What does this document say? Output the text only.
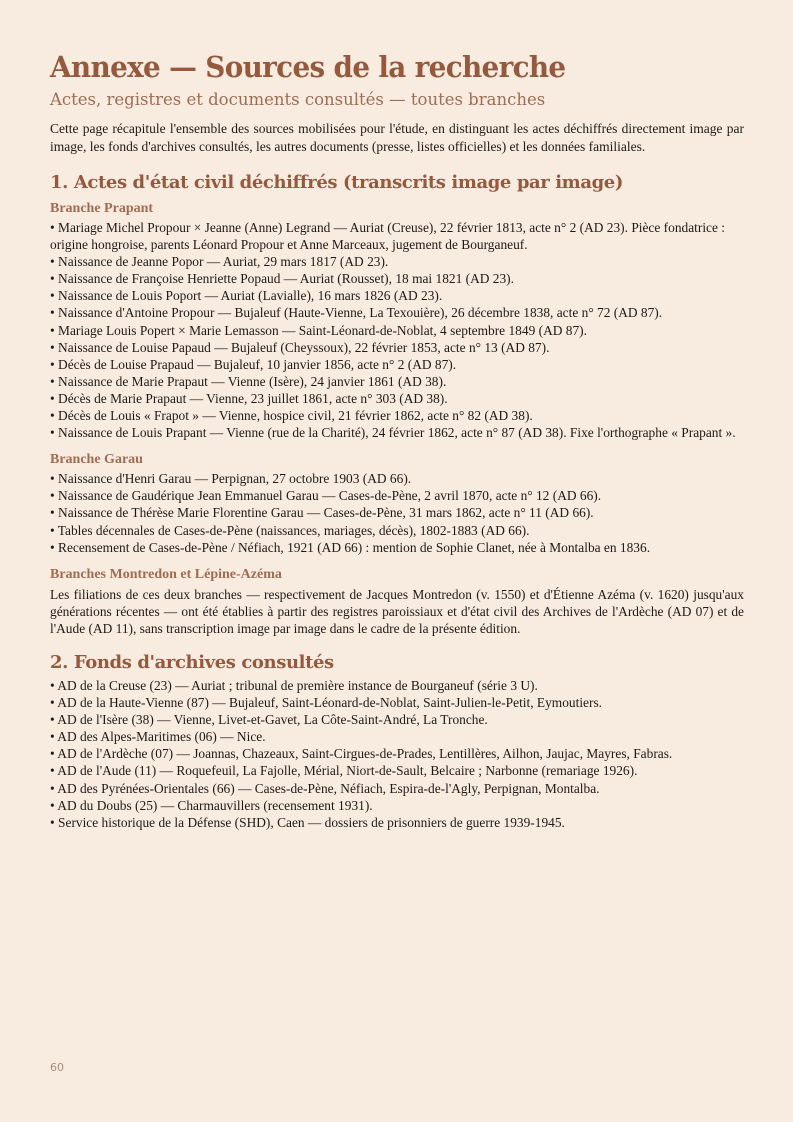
Annexe — Sources de la recherche

Actes, registres et documents consultés — toutes branches

Cette page récapitule l'ensemble des sources mobilisées pour l'étude, en distinguant les actes déchiffrés directement image par image, les fonds d'archives consultés, les autres documents (presse, listes officielles) et les données familiales.

1. Actes d'état civil déchiffrés (transcrits image par image)
Branche Prapant
• Mariage Michel Propour × Jeanne (Anne) Legrand — Auriat (Creuse), 22 février 1813, acte n° 2 (AD 23). Pièce fondatrice : origine hongroise, parents Léonard Propour et Anne Marceaux, jugement de Bourganeuf.
• Naissance de Jeanne Popor — Auriat, 29 mars 1817 (AD 23).
• Naissance de Françoise Henriette Popaud — Auriat (Rousset), 18 mai 1821 (AD 23).
• Naissance de Louis Poport — Auriat (Lavialle), 16 mars 1826 (AD 23).
• Naissance d'Antoine Propour — Bujaleuf (Haute-Vienne, La Texouière), 26 décembre 1838, acte n° 72 (AD 87).
• Mariage Louis Popert × Marie Lemasson — Saint-Léonard-de-Noblat, 4 septembre 1849 (AD 87).
• Naissance de Louise Papaud — Bujaleuf (Cheyssoux), 22 février 1853, acte n° 13 (AD 87).
• Décès de Louise Prapaud — Bujaleuf, 10 janvier 1856, acte n° 2 (AD 87).
• Naissance de Marie Prapaut — Vienne (Isère), 24 janvier 1861 (AD 38).
• Décès de Marie Prapaut — Vienne, 23 juillet 1861, acte n° 303 (AD 38).
• Décès de Louis « Frapot » — Vienne, hospice civil, 21 février 1862, acte n° 82 (AD 38).
• Naissance de Louis Prapant — Vienne (rue de la Charité), 24 février 1862, acte n° 87 (AD 38). Fixe l'orthographe « Prapant ».
Branche Garau
• Naissance d'Henri Garau — Perpignan, 27 octobre 1903 (AD 66).
• Naissance de Gaudérique Jean Emmanuel Garau — Cases-de-Pène, 2 avril 1870, acte n° 12 (AD 66).
• Naissance de Thérèse Marie Florentine Garau — Cases-de-Pène, 31 mars 1862, acte n° 11 (AD 66).
• Tables décennales de Cases-de-Pène (naissances, mariages, décès), 1802-1883 (AD 66).
• Recensement de Cases-de-Pène / Néfiach, 1921 (AD 66) : mention de Sophie Clanet, née à Montalba en 1836.
Branches Montredon et Lépine-Azéma

Les filiations de ces deux branches — respectivement de Jacques Montredon (v. 1550) et d'Étienne Azéma (v. 1620) jusqu'aux générations récentes — ont été établies à partir des registres paroissiaux et d'état civil des Archives de l'Ardèche (AD 07) et de l'Aude (AD 11), sans transcription image par image dans le cadre de la présente édition.

2. Fonds d'archives consultés
• AD de la Creuse (23) — Auriat ; tribunal de première instance de Bourganeuf (série 3 U).
• AD de la Haute-Vienne (87) — Bujaleuf, Saint-Léonard-de-Noblat, Saint-Julien-le-Petit, Eymoutiers.
• AD de l'Isère (38) — Vienne, Livet-et-Gavet, La Côte-Saint-André, La Tronche.
• AD des Alpes-Maritimes (06) — Nice.
• AD de l'Ardèche (07) — Joannas, Chazeaux, Saint-Cirgues-de-Prades, Lentillères, Ailhon, Jaujac, Mayres, Fabras.
• AD de l'Aude (11) — Roquefeuil, La Fajolle, Mérial, Niort-de-Sault, Belcaire ; Narbonne (remariage 1926).
• AD des Pyrénées-Orientales (66) — Cases-de-Pène, Néfiach, Espira-de-l'Agly, Perpignan, Montalba.
• AD du Doubs (25) — Charmauvillers (recensement 1931).
• Service historique de la Défense (SHD), Caen — dossiers de prisonniers de guerre 1939-1945.
60
